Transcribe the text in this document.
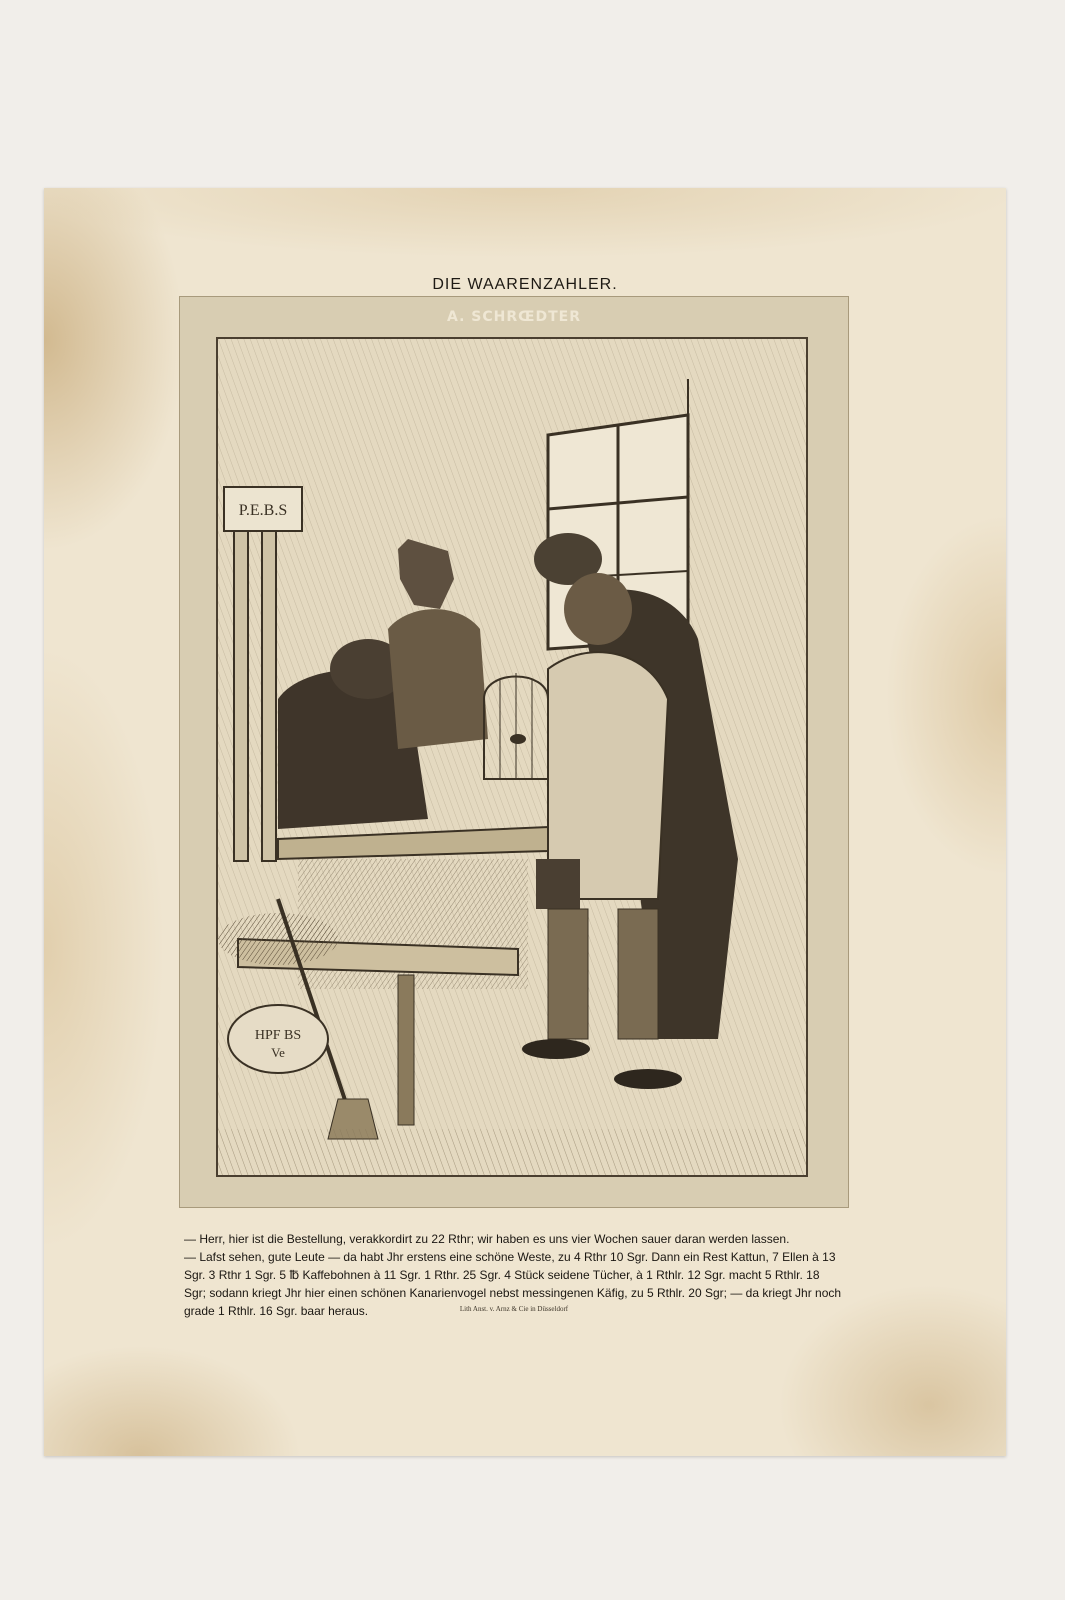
DIE WAARENZAHLER.
A. SCHRŒDTER
P.E.B.S
HPF BS
Ve
Lith Anst. v. Arnz & Cie in Düsseldorf

— Herr, hier ist die Bestellung, verakkordirt zu 22 Rthr; wir haben es uns vier Wochen sauer daran werden lassen.

— Lafst sehen, gute Leute — da habt Jhr erstens eine schöne Weste, zu 4 Rthr 10 Sgr. Dann ein Rest Kattun, 7 Ellen à 13 Sgr. 3 Rthr 1 Sgr. 5 ℔ Kaffebohnen à 11 Sgr. 1 Rthr. 25 Sgr. 4 Stück seidene Tücher, à 1 Rthlr. 12 Sgr. macht 5 Rthlr. 18 Sgr; sodann kriegt Jhr hier einen schönen Kanarienvogel nebst messingenen Käfig, zu 5 Rthlr. 20 Sgr; — da kriegt Jhr noch grade 1 Rthlr. 16 Sgr. baar heraus.
